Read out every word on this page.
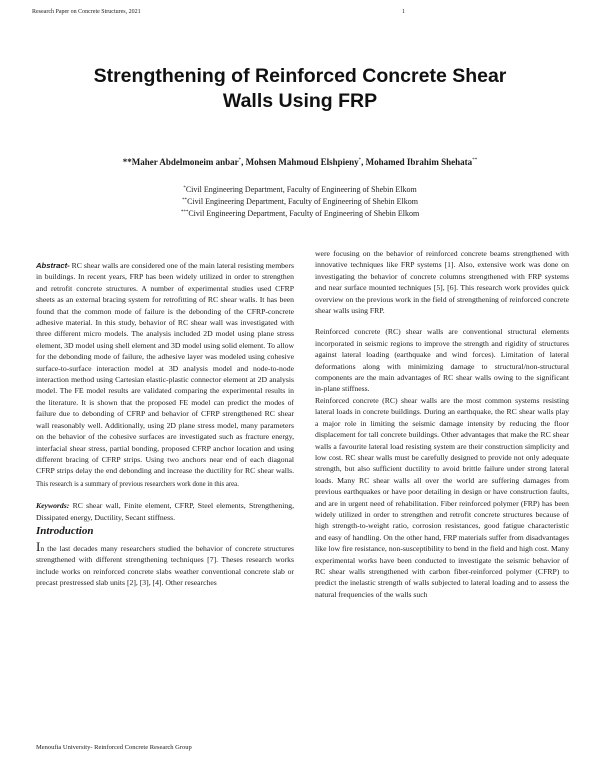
Research Paper on Concrete Structures, 2021	1
Strengthening of Reinforced Concrete Shear
Walls Using FRP
**Maher Abdelmoneim anbar*, Mohsen Mahmoud Elshpieny*, Mohamed Ibrahim Shehata**
*Civil Engineering Department, Faculty of Engineering of Shebin Elkom
**Civil Engineering Department, Faculty of Engineering of Shebin Elkom
***Civil Engineering Department, Faculty of Engineering of Shebin Elkom

Abstract- RC shear walls are considered one of the main lateral resisting members in buildings. In recent years, FRP has been widely utilized in order to strengthen and retrofit concrete structures. A number of experimental studies used CFRP sheets as an external bracing system for retrofitting of RC shear walls. It has been found that the common mode of failure is the debonding of the CFRP-concrete adhesive material. In this study, behavior of RC shear wall was investigated with three different micro models. The analysis included 2D model using plane stress element, 3D model using shell element and 3D model using solid element. To allow for the debonding mode of failure, the adhesive layer was modeled using cohesive surface-to-surface interaction model at 3D analysis model and node-to-node interaction method using Cartesian elastic-plastic connector element at 2D analysis model. The FE model results are validated comparing the experimental results in the literature. It is shown that the proposed FE model can predict the modes of failure due to debonding of CFRP and behavior of CFRP strengthened RC shear wall reasonably well. Additionally, using 2D plane stress model, many parameters on the behavior of the cohesive surfaces are investigated such as fracture energy, interfacial shear stress, partial bonding, proposed CFRP anchor location and using different bracing of CFRP strips. Using two anchors near end of each diagonal CFRP strips delay the end debonding and increase the ductility for RC shear walls. This research is a summary of previous researchers work done in this area.

Keywords: RC shear wall, Finite element, CFRP, Steel elements, Strengthening, Dissipated energy, Ductility, Secant stiffness.

Introduction

In the last decades many researchers studied the behavior of concrete structures strengthened with different strengthening techniques [7]. Theses research works include works on reinforced concrete slabs weather conventional concrete slab or precast prestressed slab units [2], [3], [4]. Other researches

were focusing on the behavior of reinforced concrete beams strengthened with innovative techniques like FRP systems [1]. Also, extensive work was done on investigating the behavior of concrete columns strengthened with FRP systems and near surface mounted techniques [5], [6]. This research work provides quick overview on the previous work in the field of strengthening of reinforced concrete shear walls using FRP.

Reinforced concrete (RC) shear walls are conventional structural elements incorporated in seismic regions to improve the strength and rigidity of structures against lateral loading (earthquake and wind forces). Limitation of lateral deformations along with minimizing damage to structural/non-structural components are the main advantages of RC shear walls owing to the significant in-plane stiffness.

Reinforced concrete (RC) shear walls are the most common systems resisting lateral loads in concrete buildings. During an earthquake, the RC shear walls play a major role in limiting the seismic damage intensity by reducing the floor displacement for tall concrete buildings. Other advantages that make the RC shear walls a favourite lateral load resisting system are their construction simplicity and low cost. RC shear walls must be carefully designed to provide not only adequate strength, but also sufficient ductility to avoid brittle failure under strong lateral loads. Many RC shear walls all over the world are suffering damages from previous earthquakes or have poor detailing in design or have construction faults, and are in urgent need of rehabilitation. Fiber reinforced polymer (FRP) has been widely utilized in order to strengthen and retrofit concrete structures because of high strength-to-weight ratio, corrosion resistances, good fatigue characteristic and easy of handling. On the other hand, FRP materials suffer from disadvantages like low fire resistance, non-susceptibility to bend in the field and high cost. Many experimental works have been conducted to investigate the seismic behavior of RC shear walls strengthened with carbon fiber-reinforced polymer (CFRP) to predict the inelastic strength of walls subjected to lateral loading and to assess the natural frequencies of the walls such

Menoufia University- Reinforced Concrete Research Group
